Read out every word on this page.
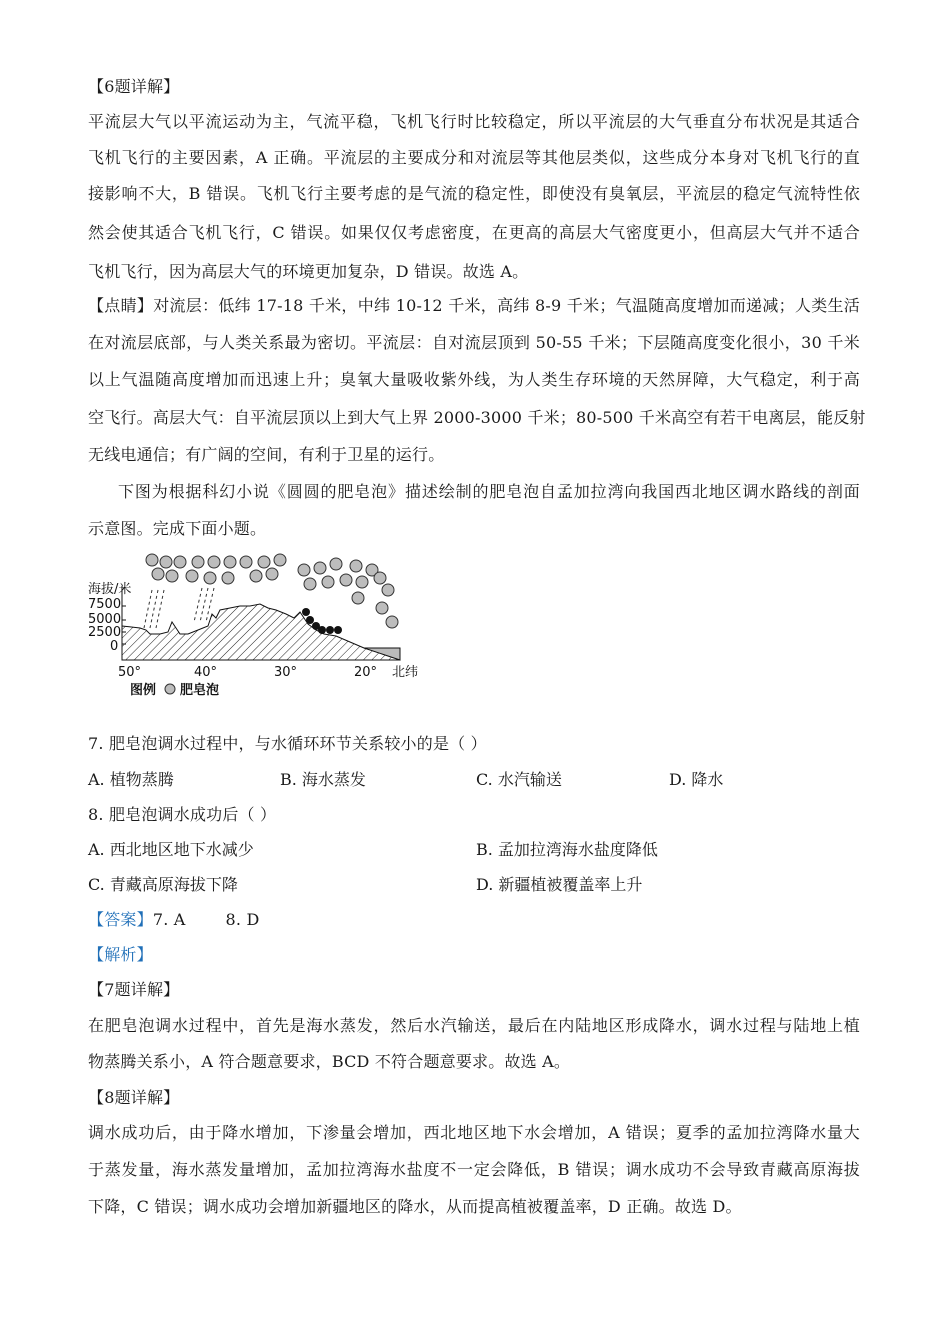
【6题详解】
平流层大气以平流运动为主，气流平稳，飞机飞行时比较稳定，所以平流层的大气垂直分布状况是其适合
飞机飞行的主要因素，A 正确。平流层的主要成分和对流层等其他层类似，这些成分本身对飞机飞行的直
接影响不大，B 错误。飞机飞行主要考虑的是气流的稳定性，即使没有臭氧层，平流层的稳定气流特性依
然会使其适合飞机飞行，C 错误。如果仅仅考虑密度，在更高的高层大气密度更小，但高层大气并不适合
飞机飞行，因为高层大气的环境更加复杂，D 错误。故选 A。
【点睛】对流层：低纬 17-18 千米，中纬 10-12 千米，高纬 8-9 千米；气温随高度增加而递减；人类生活
在对流层底部，与人类关系最为密切。平流层：自对流层顶到 50-55 千米；下层随高度变化很小，30 千米
以上气温随高度增加而迅速上升；臭氧大量吸收紫外线，为人类生存环境的天然屏障，大气稳定，利于高
空飞行。高层大气：自平流层顶以上到大气上界 2000-3000 千米；80-500 千米高空有若干电离层，能反射
无线电通信；有广阔的空间，有利于卫星的运行。
下图为根据科幻小说《圆圆的肥皂泡》描述绘制的肥皂泡自孟加拉湾向我国西北地区调水路线的剖面
示意图。完成下面小题。
海拔/米
7500
5000
2500
0
50°	40°	30°	20° 北纬
图例 肥皂泡
7. 肥皂泡调水过程中，与水循环环节关系较小的是（ ）
A. 植物蒸腾	B. 海水蒸发	C. 水汽输送	D. 降水
8. 肥皂泡调水成功后（ ）
A. 西北地区地下水减少	B. 孟加拉湾海水盐度降低
C. 青藏高原海拔下降	D. 新疆植被覆盖率上升
【答案】7. A	8. D
【解析】
【7题详解】
在肥皂泡调水过程中，首先是海水蒸发，然后水汽输送，最后在内陆地区形成降水，调水过程与陆地上植
物蒸腾关系小，A 符合题意要求，BCD 不符合题意要求。故选 A。
【8题详解】
调水成功后，由于降水增加，下渗量会增加，西北地区地下水会增加，A 错误；夏季的孟加拉湾降水量大
于蒸发量，海水蒸发量增加，孟加拉湾海水盐度不一定会降低，B 错误；调水成功不会导致青藏高原海拔
下降，C 错误；调水成功会增加新疆地区的降水，从而提高植被覆盖率，D 正确。故选 D。
